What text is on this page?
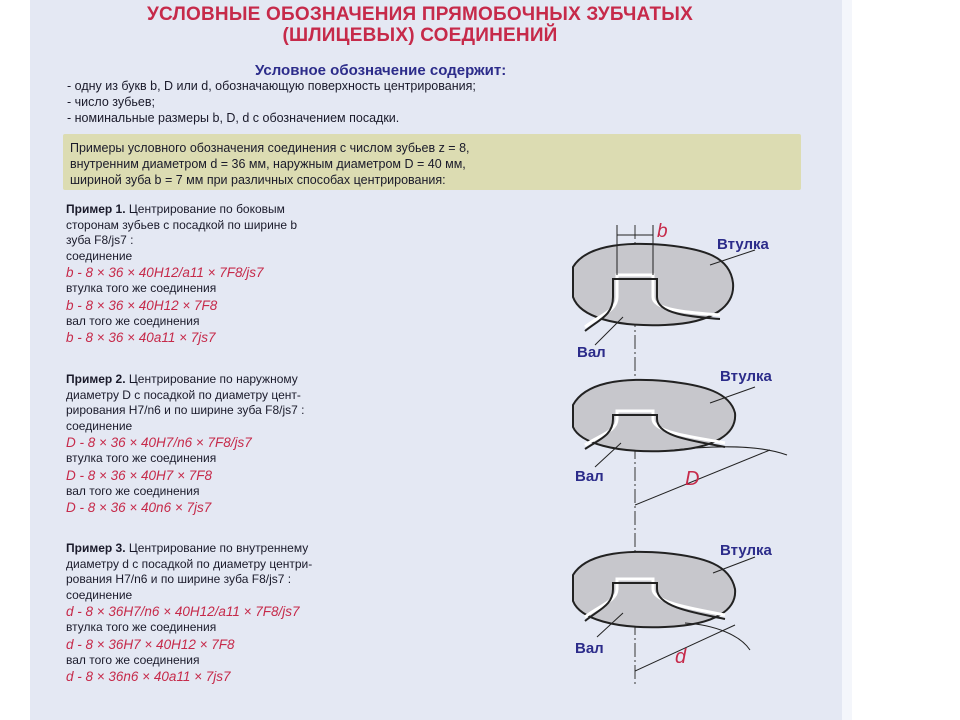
УСЛОВНЫЕ ОБОЗНАЧЕНИЯ ПРЯМОБОЧНЫХ ЗУБЧАТЫХ
(ШЛИЦЕВЫХ) СОЕДИНЕНИЙ
Условное обозначение содержит:
- одну из букв b, D или d, обозначающую поверхность центрирования;
- число зубьев;
- номинальные размеры b, D, d с обозначением посадки.
Примеры условного обозначения соединения с числом зубьев z = 8,
внутренним диаметром d = 36 мм, наружным диаметром D = 40 мм,
шириной зуба b = 7 мм при различных способах центрирования:
Пример 1. Центрирование по боковым
сторонам зубьев с посадкой по ширине b
зуба F8/js7 :
соединение
b - 8 × 36 × 40H12/a11 × 7F8/js7
втулка того же соединения
b - 8 × 36 × 40H12 × 7F8
вал того же соединения
b - 8 × 36 × 40a11 × 7js7
Пример 2. Центрирование по наружному
диаметру D с посадкой по диаметру цент-
рирования H7/n6 и по ширине зуба F8/js7 :
соединение
D - 8 × 36 × 40H7/n6 × 7F8/js7
втулка того же соединения
D - 8 × 36 × 40H7 × 7F8
вал того же соединения
D - 8 × 36 × 40n6 × 7js7
Пример 3. Центрирование по внутреннему
диаметру d с посадкой по диаметру центри-
рования H7/n6 и по ширине зуба F8/js7 :
соединение
d - 8 × 36H7/n6 × 40H12/a11 × 7F8/js7
втулка того же соединения
d - 8 × 36H7 × 40H12 × 7F8
вал того же соединения
d - 8 × 36n6 × 40a11 × 7js7
b
Втулка
Вал
D
Втулка
Вал
d
Втулка
Вал
